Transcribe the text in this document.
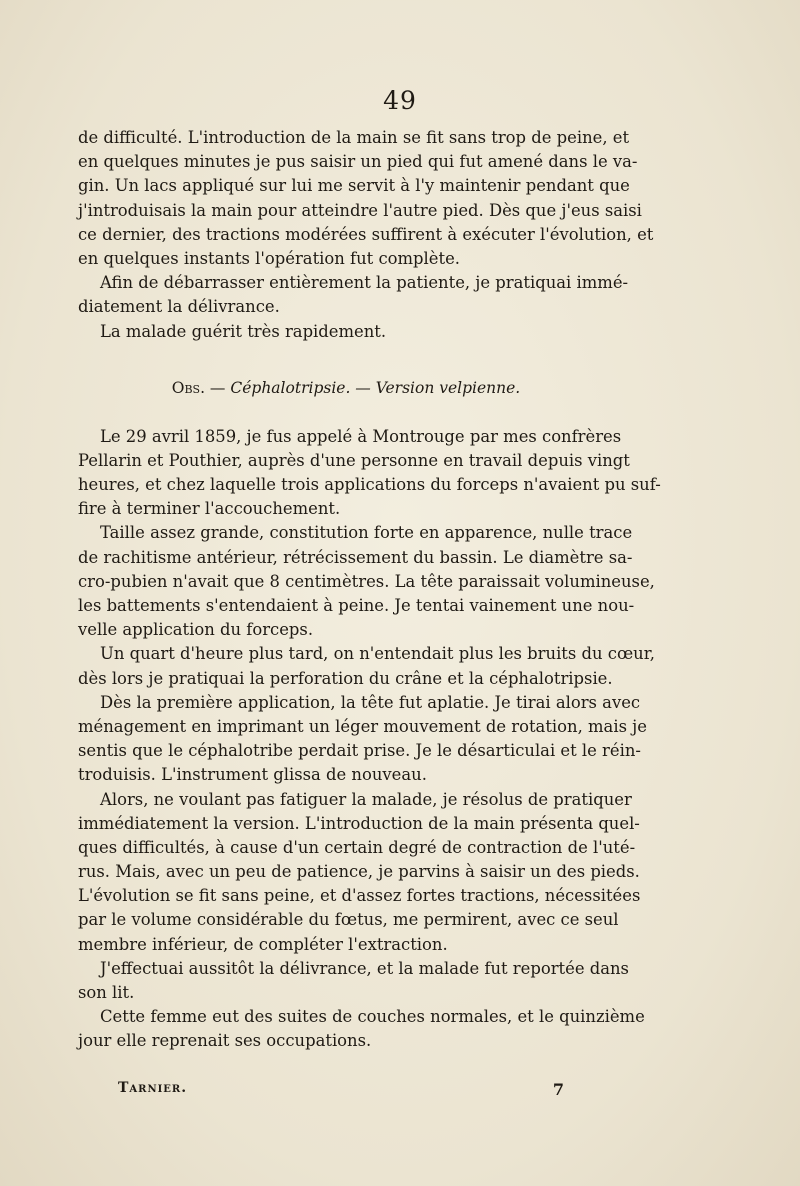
49
de difficulté. L'introduction de la main se fit sans trop de peine, et
en quelques minutes je pus saisir un pied qui fut amené dans le va-
gin. Un lacs appliqué sur lui me servit à l'y maintenir pendant que
j'introduisais la main pour atteindre l'autre pied. Dès que j'eus saisi
ce dernier, des tractions modérées suffirent à exécuter l'évolution, et
en quelques instants l'opération fut complète.
Afin de débarrasser entièrement la patiente, je pratiquai immé-
diatement la délivrance.
La malade guérit très rapidement.
Obs. — Céphalotripsie. — Version velpienne.
Le 29 avril 1859, je fus appelé à Montrouge par mes confrères
Pellarin et Pouthier, auprès d'une personne en travail depuis vingt
heures, et chez laquelle trois applications du forceps n'avaient pu suf-
fire à terminer l'accouchement.
Taille assez grande, constitution forte en apparence, nulle trace
de rachitisme antérieur, rétrécissement du bassin. Le diamètre sa-
cro-pubien n'avait que 8 centimètres. La tête paraissait volumineuse,
les battements s'entendaient à peine. Je tentai vainement une nou-
velle application du forceps.
Un quart d'heure plus tard, on n'entendait plus les bruits du cœur,
dès lors je pratiquai la perforation du crâne et la céphalotripsie.
Dès la première application, la tête fut aplatie. Je tirai alors avec
ménagement en imprimant un léger mouvement de rotation, mais je
sentis que le céphalotribe perdait prise. Je le désarticulai et le réin-
troduisis. L'instrument glissa de nouveau.
Alors, ne voulant pas fatiguer la malade, je résolus de pratiquer
immédiatement la version. L'introduction de la main présenta quel-
ques difficultés, à cause d'un certain degré de contraction de l'uté-
rus. Mais, avec un peu de patience, je parvins à saisir un des pieds.
L'évolution se fit sans peine, et d'assez fortes tractions, nécessitées
par le volume considérable du fœtus, me permirent, avec ce seul
membre inférieur, de compléter l'extraction.
J'effectuai aussitôt la délivrance, et la malade fut reportée dans
son lit.
Cette femme eut des suites de couches normales, et le quinzième
jour elle reprenait ses occupations.
Tarnier.	7
